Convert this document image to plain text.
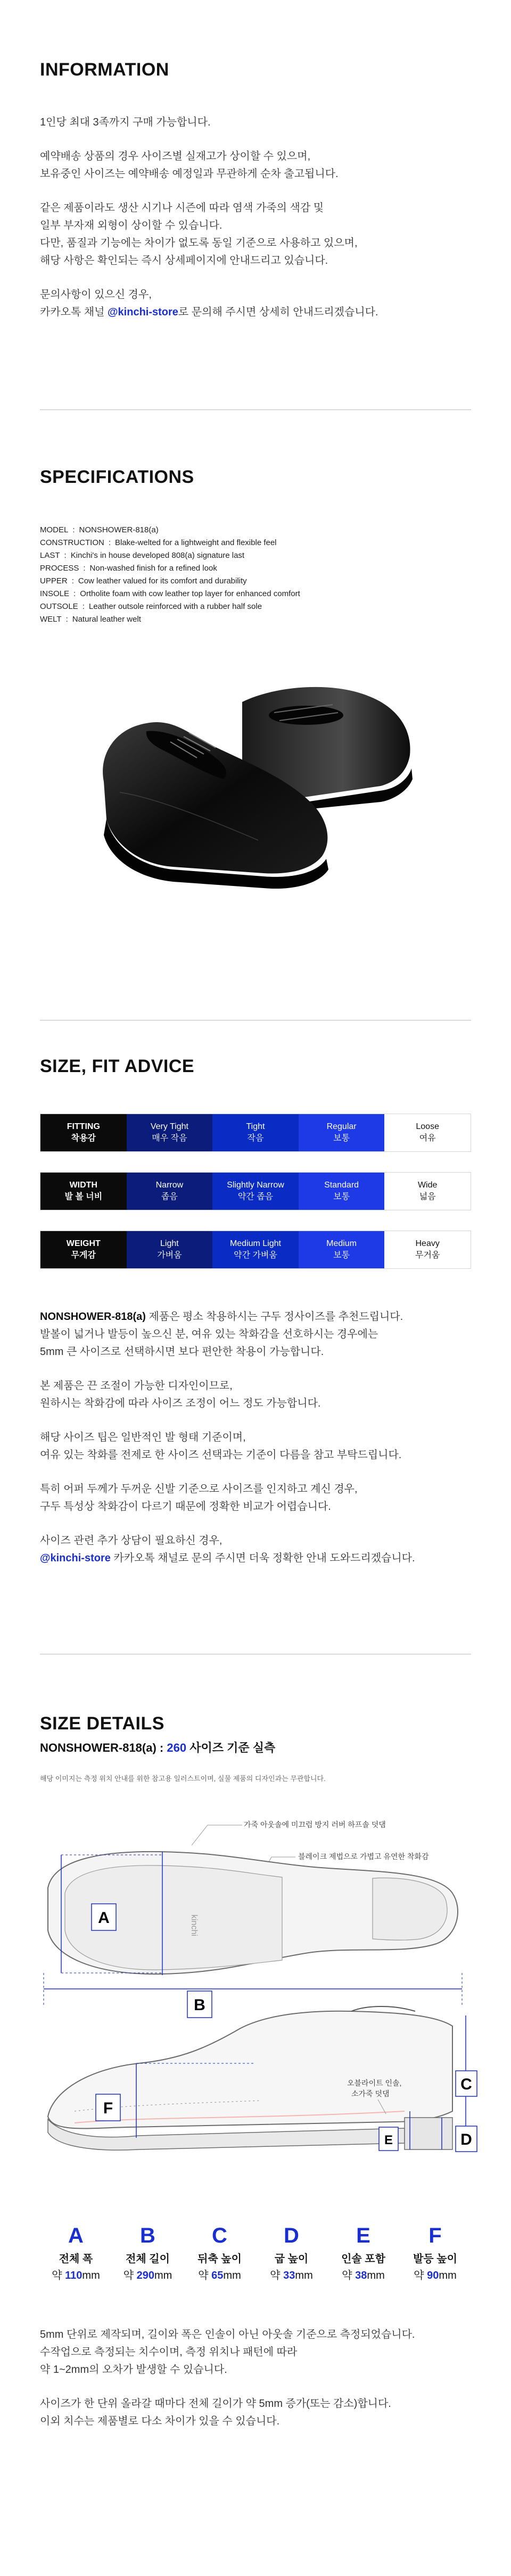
INFORMATION
1인당 최대 3족까지 구매 가능합니다.
예약배송 상품의 경우 사이즈별 실재고가 상이할 수 있으며,
보유중인 사이즈는 예약배송 예정일과 무관하게 순차 출고됩니다.
같은 제품이라도 생산 시기나 시즌에 따라 염색 가죽의 색감 및
일부 부자재 외형이 상이할 수 있습니다.
다만, 품질과 기능에는 차이가 없도록 동일 기준으로 사용하고 있으며,
해당 사항은 확인되는 즉시 상세페이지에 안내드리고 있습니다.
문의사항이 있으신 경우,
카카오톡 채널 @kinchi-store로 문의해 주시면 상세히 안내드리겠습니다.
SPECIFICATIONS
MODEL : NONSHOWER-818(a)
CONSTRUCTION : Blake-welted for a lightweight and flexible feel
LAST : Kinchi's in house developed 808(a) signature last
PROCESS : Non-washed finish for a refined look
UPPER : Cow leather valued for its comfort and durability
INSOLE : Ortholite foam with cow leather top layer for enhanced comfort
OUTSOLE : Leather outsole reinforced with a rubber half sole
WELT : Natural leather welt
SIZE, FIT ADVICE
FITTING
착용감
Very Tight
매우 작음
Tight
작음
Regular
보통
Loose
여유
WIDTH
발 볼 너비
Narrow
좁음
Slightly Narrow
약간 좁음
Standard
보통
Wide
넓음
WEIGHT
무게감
Light
가벼움
Medium Light
약간 가벼움
Medium
보통
Heavy
무거움
NONSHOWER-818(a) 제품은 평소 착용하시는 구두 정사이즈를 추천드립니다.
발볼이 넓거나 발등이 높으신 분, 여유 있는 착화감을 선호하시는 경우에는
5mm 큰 사이즈로 선택하시면 보다 편안한 착용이 가능합니다.
본 제품은 끈 조절이 가능한 디자인이므로,
원하시는 착화감에 따라 사이즈 조정이 어느 정도 가능합니다.
해당 사이즈 팁은 일반적인 발 형태 기준이며,
여유 있는 착화를 전제로 한 사이즈 선택과는 기준이 다름을 참고 부탁드립니다.
특히 어퍼 두께가 두꺼운 신발 기준으로 사이즈를 인지하고 계신 경우,
구두 특성상 착화감이 다르기 때문에 정확한 비교가 어렵습니다.
사이즈 관련 추가 상담이 필요하신 경우,
@kinchi-store 카카오톡 채널로 문의 주시면 더욱 정확한 안내 도와드리겠습니다.
SIZE DETAILS
NONSHOWER-818(a) : 260 사이즈 기준 실측
해당 이미지는 측정 위치 안내를 위한 참고용 일러스트이며, 실물 제품의 디자인과는 무관합니다.
가죽 아웃솔에 미끄럼 방지 러버 하프솔 덧댐
블레이크 제법으로 가볍고 유연한 착화감
kinchi
A
B
F
C
D
E
오블라이트 인솔,
소가죽 덧댐
A
전체 폭
약 110mm
B
전체 길이
약 290mm
C
뒤축 높이
약 65mm
D
굽 높이
약 33mm
E
인솔 포함
약 38mm
F
발등 높이
약 90mm
5mm 단위로 제작되며, 길이와 폭은 인솔이 아닌 아웃솔 기준으로 측정되었습니다.
수작업으로 측정되는 치수이며, 측정 위치나 패턴에 따라
약 1~2mm의 오차가 발생할 수 있습니다.
사이즈가 한 단위 올라갈 때마다 전체 길이가 약 5mm 증가(또는 감소)합니다.
이외 치수는 제품별로 다소 차이가 있을 수 있습니다.
